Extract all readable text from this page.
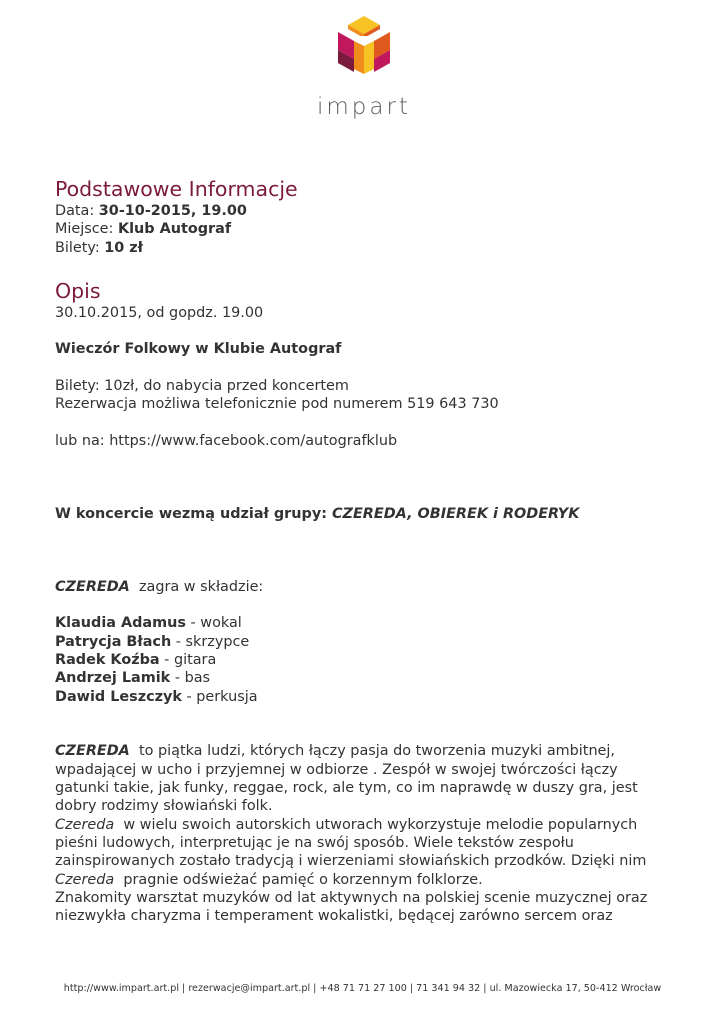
impart
Podstawowe Informacje

Data: 30-10-2015, 19.00

Miejsce: Klub Autograf

Bilety: 10 zł

Opis

30.10.2015, od gopdz. 19.00

Wieczór Folkowy w Klubie Autograf

Bilety: 10zł, do nabycia przed koncertem

Rezerwacja możliwa telefonicznie pod numerem 519 643 730

lub na: https://www.facebook.com/autografklub

W koncercie wezmą udział grupy: CZEREDA, OBIEREK i RODERYK

CZEREDA  zagra w składzie:

Klaudia Adamus - wokal

Patrycja Błach - skrzypce

Radek Koźba - gitara

Andrzej Lamik - bas

Dawid Leszczyk - perkusja

CZEREDA  to piątka ludzi, których łączy pasja do tworzenia muzyki ambitnej, wpadającej w ucho i przyjemnej w odbiorze . Zespół w swojej twórczości łączy gatunki takie, jak funky, reggae, rock, ale tym, co im naprawdę w duszy gra, jest dobry rodzimy słowiański folk.

Czereda  w wielu swoich autorskich utworach wykorzystuje melodie popularnych pieśni ludowych, interpretując je na swój sposób. Wiele tekstów zespołu zainspirowanych zostało tradycją i wierzeniami słowiańskich przodków. Dzięki nim Czereda  pragnie odświeżać pamięć o korzennym folklorze.

Znakomity warsztat muzyków od lat aktywnych na polskiej scenie muzycznej oraz niezwykła charyzma i temperament wokalistki, będącej zarówno sercem oraz

http://www.impart.art.pl | rezerwacje@impart.art.pl | +48 71 71 27 100 | 71 341 94 32 | ul. Mazowiecka 17, 50-412 Wrocław
